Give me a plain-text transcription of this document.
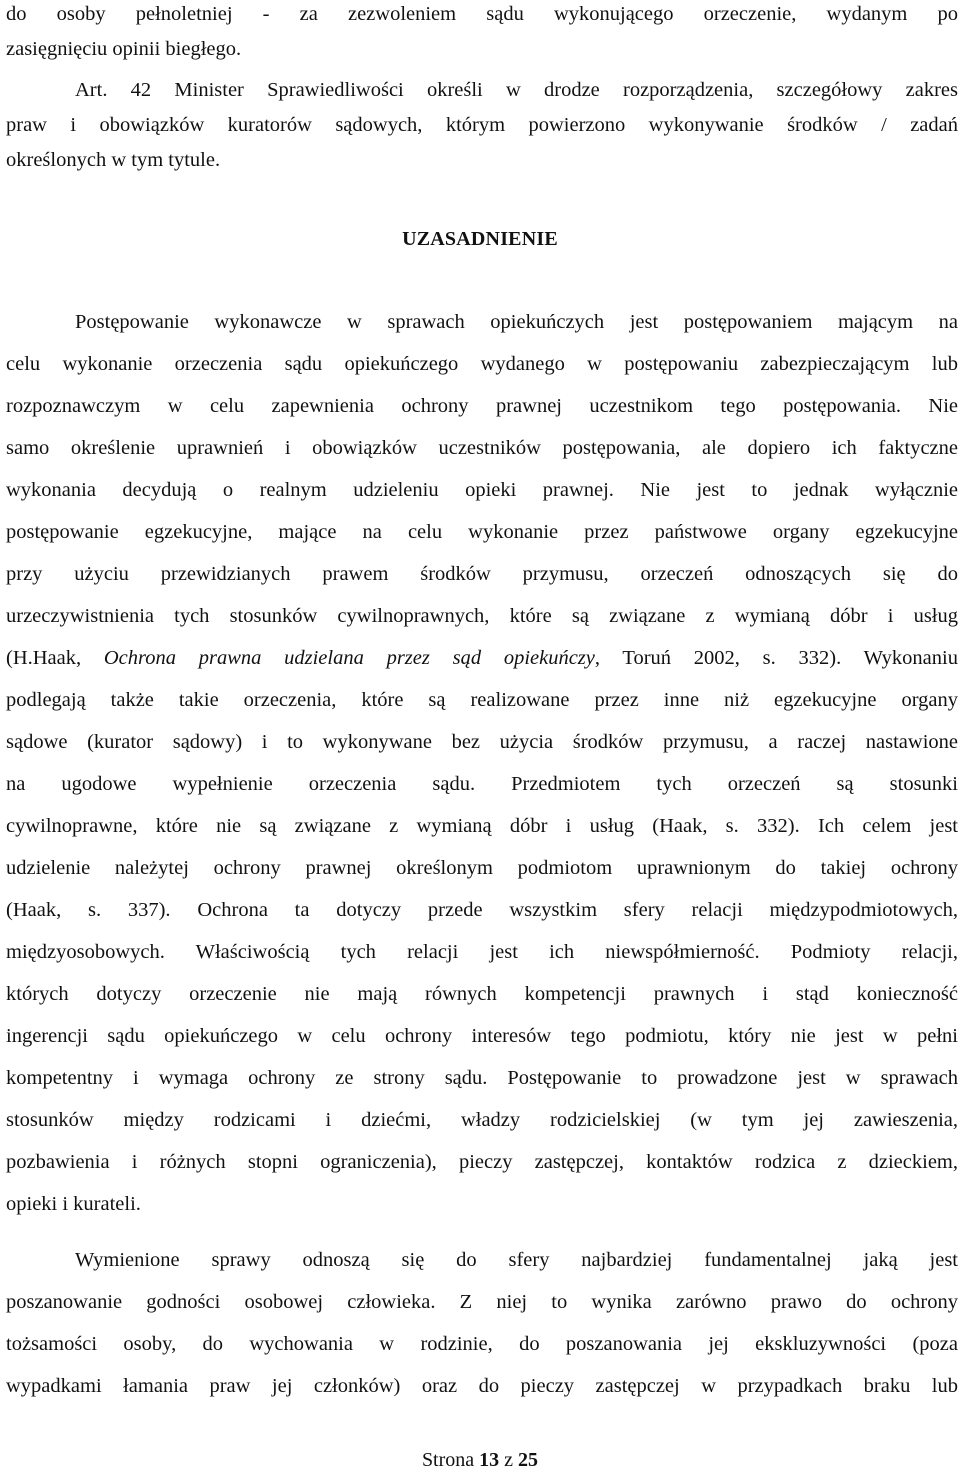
do osoby pełnoletniej - za zezwoleniem sądu wykonującego orzeczenie, wydanym po
zasięgnięciu opinii biegłego.
Art. 42 Minister Sprawiedliwości określi w drodze rozporządzenia, szczegółowy zakres
praw i obowiązków kuratorów sądowych, którym powierzono wykonywanie środków / zadań
określonych w tym tytule.
UZASADNIENIE
Postępowanie wykonawcze w sprawach opiekuńczych jest postępowaniem mającym na
celu wykonanie orzeczenia sądu opiekuńczego wydanego w postępowaniu zabezpieczającym lub
rozpoznawczym w celu zapewnienia ochrony prawnej uczestnikom tego postępowania. Nie
samo określenie uprawnień i obowiązków uczestników postępowania, ale dopiero ich faktyczne
wykonania decydują o realnym udzieleniu opieki prawnej. Nie jest to jednak wyłącznie
postępowanie egzekucyjne, mające na celu wykonanie przez państwowe organy egzekucyjne
przy użyciu przewidzianych prawem środków przymusu, orzeczeń odnoszących się do
urzeczywistnienia tych stosunków cywilnoprawnych, które są związane z wymianą dóbr i usług
(H.Haak, Ochrona prawna udzielana przez sąd opiekuńczy, Toruń 2002, s. 332). Wykonaniu
podlegają także takie orzeczenia, które są realizowane przez inne niż egzekucyjne organy
sądowe (kurator sądowy) i to wykonywane bez użycia środków przymusu, a raczej nastawione
na ugodowe wypełnienie orzeczenia sądu. Przedmiotem tych orzeczeń są stosunki
cywilnoprawne, które nie są związane z wymianą dóbr i usług (Haak, s. 332). Ich celem jest
udzielenie należytej ochrony prawnej określonym podmiotom uprawnionym do takiej ochrony
(Haak, s. 337). Ochrona ta dotyczy przede wszystkim sfery relacji międzypodmiotowych,
międzyosobowych. Właściwością tych relacji jest ich niewspółmierność. Podmioty relacji,
których dotyczy orzeczenie nie mają równych kompetencji prawnych i stąd konieczność
ingerencji sądu opiekuńczego w celu ochrony interesów tego podmiotu, który nie jest w pełni
kompetentny i wymaga ochrony ze strony sądu. Postępowanie to prowadzone jest w sprawach
stosunków między rodzicami i dziećmi, władzy rodzicielskiej (w tym jej zawieszenia,
pozbawienia i różnych stopni ograniczenia), pieczy zastępczej, kontaktów rodzica z dzieckiem,
opieki i kurateli.
Wymienione sprawy odnoszą się do sfery najbardziej fundamentalnej jaką jest
poszanowanie godności osobowej człowieka. Z niej to wynika zarówno prawo do ochrony
tożsamości osoby, do wychowania w rodzinie, do poszanowania jej ekskluzywności (poza
wypadkami łamania praw jej członków) oraz do pieczy zastępczej w przypadkach braku lub
Strona 13 z 25
